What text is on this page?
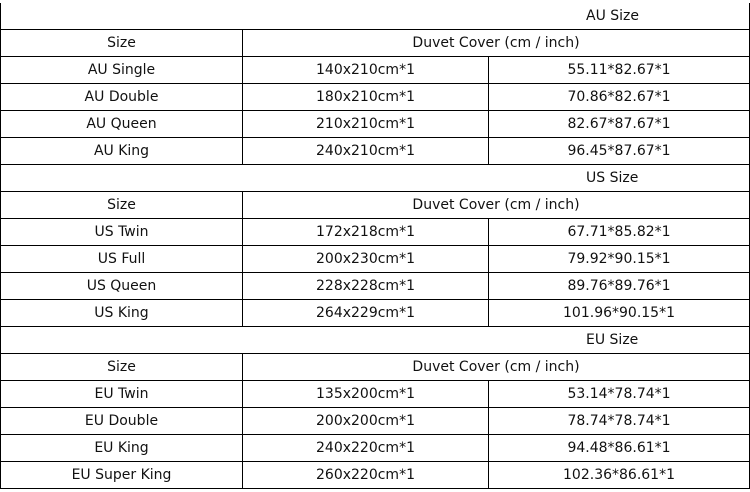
AU Size		
Size	Duvet Cover (cm / inch)	
AU Single	140x210cm*1	55.11*82.67*1
AU Double	180x210cm*1	70.86*82.67*1
AU Queen	210x210cm*1	82.67*87.67*1
AU King	240x210cm*1	96.45*87.67*1
US Size		
Size	Duvet Cover (cm / inch)	
US Twin	172x218cm*1	67.71*85.82*1
US Full	200x230cm*1	79.92*90.15*1
US Queen	228x228cm*1	89.76*89.76*1
US King	264x229cm*1	101.96*90.15*1
EU Size		
Size	Duvet Cover (cm / inch)	
EU Twin	135x200cm*1	53.14*78.74*1
EU Double	200x200cm*1	78.74*78.74*1
EU King	240x220cm*1	94.48*86.61*1
EU Super King	260x220cm*1	102.36*86.61*1
